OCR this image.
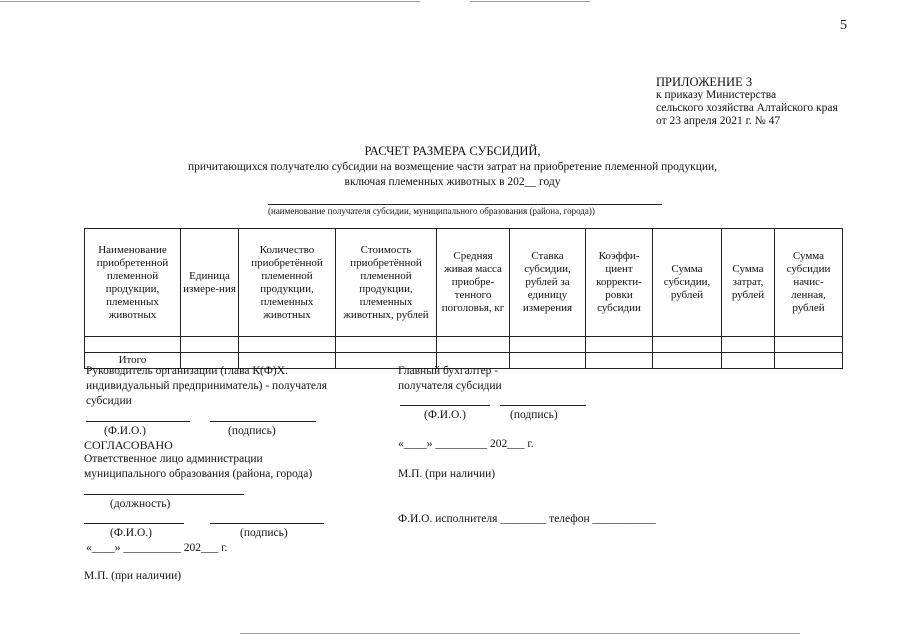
5
ПРИЛОЖЕНИЕ 3
к приказу Министерства
сельского хозяйства Алтайского края
от 23 апреля 2021 г. № 47
РАСЧЕТ РАЗМЕРА СУБСИДИЙ,
причитающихся получателю субсидии на возмещение части затрат на приобретение племенной продукции,
включая племенных животных в 202__ году
(наименование получателя субсидии, муниципального образования (района, города))
Наименование приобретенной племенной продукции, племенных животных	Единица измере-ния	Количество приобретённой племенной продукции, племенных животных	Стоимость приобретённой племенной продукции, племенных животных, рублей	Средняя живая масса приобре-тенного поголовья, кг	Ставка субсидии, рублей за единицу измерения	Коэффи-циент корректи-ровки субсидии	Сумма субсидии, рублей	Сумма затрат, рублей	Сумма субсидии начис-ленная, рублей

Итого									
Руководитель организации (глава К(Ф)Х.
индивидуальный предприниматель) - получателя
субсидии
(Ф.И.О.)	(подпись)
СОГЛАСОВАНО
Ответственное лицо администрации
муниципального образования (района, города)
(должность)
(Ф.И.О.)	(подпись)
«____» __________ 202___ г.
М.П. (при наличии)
Главный бухгалтер -
получателя субсидии
(Ф.И.О.)	(подпись)
«____» _________ 202___ г.
М.П. (при наличии)
Ф.И.О. исполнителя ________ телефон ___________
